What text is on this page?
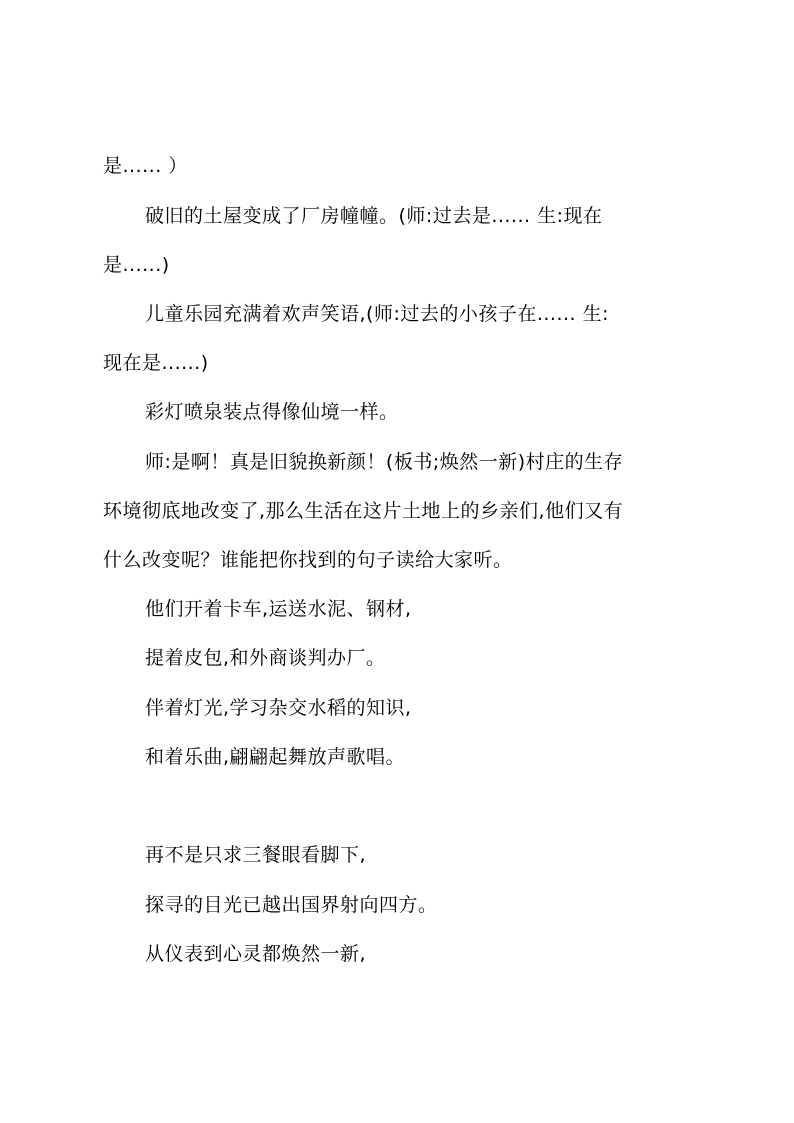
是...... ）
破旧的土屋变成了厂房幢幢。(师:过去是...... 生:现在
是......)
儿童乐园充满着欢声笑语,(师:过去的小孩子在...... 生:
现在是......)
彩灯喷泉装点得像仙境一样。
师:是啊！真是旧貌换新颜！(板书;焕然一新)村庄的生存
环境彻底地改变了,那么生活在这片土地上的乡亲们,他们又有
什么改变呢？谁能把你找到的句子读给大家听。
他们开着卡车,运送水泥、钢材,
提着皮包,和外商谈判办厂。
伴着灯光,学习杂交水稻的知识,
和着乐曲,翩翩起舞放声歌唱。
再不是只求三餐眼看脚下,
探寻的目光已越出国界射向四方。
从仪表到心灵都焕然一新,
